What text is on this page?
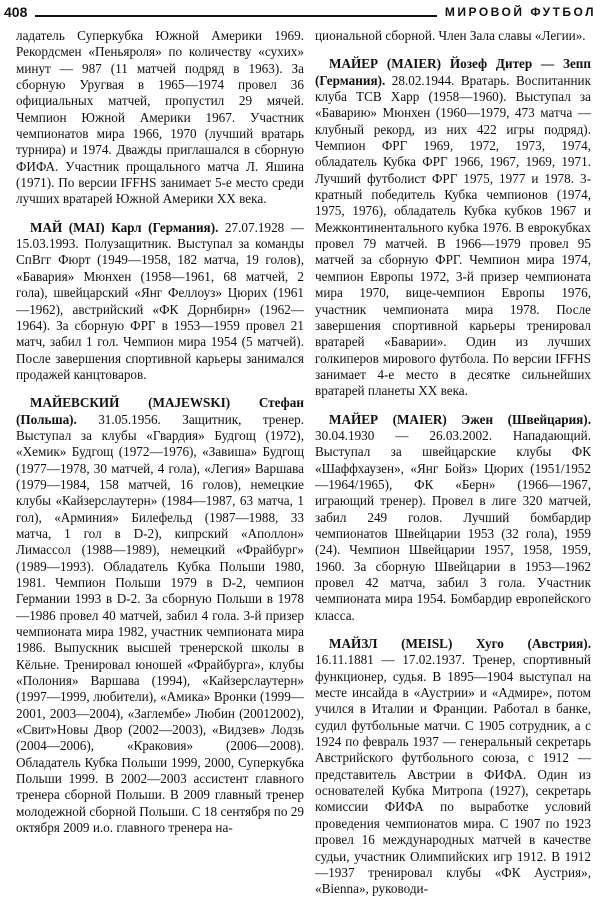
408	МИРОВОЙ ФУТБОЛ

ладатель Суперкубка Южной Америки 1969. Рекордсмен «Пеньяроля» по количеству «сухих» минут — 987 (11 матчей подряд в 1963). За сборную Уругвая в 1965—1974 провел 36 официальных матчей, пропустил 29 мячей. Чемпион Южной Америки 1967. Участник чемпионатов мира 1966, 1970 (лучший вратарь турнира) и 1974. Дважды приглашался в сборную ФИФА. Участник прощального матча Л. Яшина (1971). По версии IFFHS занимает 5-е место среди лучших вратарей Южной Америки XX века.

МАЙ (MAI) Карл (Германия). 27.07.1928 — 15.03.1993. Полузащитник. Выступал за команды СпВгг Фюрт (1949—1958, 182 матча, 19 голов), «Бавария» Мюнхен (1958—1961, 68 матчей, 2 гола), швейцарский «Янг Феллоуз» Цюрих (1961—1962), австрийский «ФК Дорнбирн» (1962—1964). За сборную ФРГ в 1953—1959 провел 21 матч, забил 1 гол. Чемпион мира 1954 (5 матчей). После завершения спортивной карьеры занимался продажей канцтоваров.

МАЙЕВСКИЙ (MAJEWSKI) Стефан (Польша). 31.05.1956. Защитник, тренер. Выступал за клубы «Гвардия» Будгощ (1972), «Хемик» Будгощ (1972—1976), «Завиша» Будгощ (1977—1978, 30 матчей, 4 гола), «Легия» Варшава (1979—1984, 158 матчей, 16 голов), немецкие клубы «Кайзерслаутерн» (1984—1987, 63 матча, 1 гол), «Арминия» Билефельд (1987—1988, 33 матча, 1 гол в D-2), кипрский «Аполлон» Лимассол (1988—1989), немецкий «Фрайбург» (1989—1993). Обладатель Кубка Польши 1980, 1981. Чемпион Польши 1979 в D-2, чемпион Германии 1993 в D-2. За сборную Польши в 1978—1986 провел 40 матчей, забил 4 гола. 3-й призер чемпионата мира 1982, участник чемпионата мира 1986. Выпускник высшей тренерской школы в Кёльне. Тренировал юношей «Фрайбурга», клубы «Полония» Варшава (1994), «Кайзерслаутерн» (1997—1999, любители), «Амика» Вронки (1999—2001, 2003—2004), «Заглембе» Любин (20012002), «Свит»Новы Двор (2002—2003), «Видзев» Лодзь (2004—2006), «Краковия» (2006—2008). Обладатель Кубка Польши 1999, 2000, Суперкубка Польши 1999. В 2002—2003 ассистент главного тренера сборной Польши. В 2009 главный тренер молодежной сборной Польши. С 18 сентября по 29 октября 2009 и.о. главного тренера на-

циональной сборной. Член Зала славы «Легии».

МАЙЕР (MAIER) Йозеф Дитер — Зепп (Германия). 28.02.1944. Вратарь. Воспитанник клуба TCB Харр (1958—1960). Выступал за «Баварию» Мюнхен (1960—1979, 473 матча — клубный рекорд, из них 422 игры подряд). Чемпион ФРГ 1969, 1972, 1973, 1974, обладатель Кубка ФРГ 1966, 1967, 1969, 1971. Лучший футболист ФРГ 1975, 1977 и 1978. 3-кратный победитель Кубка чемпионов (1974, 1975, 1976), обладатель Кубка кубков 1967 и Межконтинентального кубка 1976. В еврокубках провел 79 матчей. В 1966—1979 провел 95 матчей за сборную ФРГ. Чемпион мира 1974, чемпион Европы 1972, 3-й призер чемпионата мира 1970, вице-чемпион Европы 1976, участник чемпионата мира 1978. После завершения спортивной карьеры тренировал вратарей «Баварии». Один из лучших голкиперов мирового футбола. По версии IFFHS занимает 4-е место в десятке сильнейших вратарей планеты XX века.

МАЙЕР (MAIER) Эжен (Швейцария). 30.04.1930 — 26.03.2002. Нападающий. Выступал за швейцарские клубы ФК «Шаффхаузен», «Янг Бойз» Цюрих (1951/1952—1964/1965), ФК «Берн» (1966—1967, играющий тренер). Провел в лиге 320 матчей, забил 249 голов. Лучший бомбардир чемпионатов Швейцарии 1953 (32 гола), 1959 (24). Чемпион Швейцарии 1957, 1958, 1959, 1960. За сборную Швейцарии в 1953—1962 провел 42 матча, забил 3 гола. Участник чемпионата мира 1954. Бомбардир европейского класса.

МАЙЗЛ (MEISL) Хуго (Австрия). 16.11.1881 — 17.02.1937. Тренер, спортивный функционер, судья. В 1895—1904 выступал на месте инсайда в «Аустрии» и «Адмире», потом учился в Италии и Франции. Работал в банке, судил футбольные матчи. С 1905 сотрудник, а с 1924 по февраль 1937 — генеральный секретарь Австрийского футбольного союза, с 1912 — представитель Австрии в ФИФА. Один из основателей Кубка Митропа (1927), секретарь комиссии ФИФА по выработке условий проведения чемпионатов мира. С 1907 по 1923 провел 16 международных матчей в качестве судьи, участник Олимпийских игр 1912. В 1912—1937 тренировал клубы «ФК Аустрия», «Вienna», руководи-
